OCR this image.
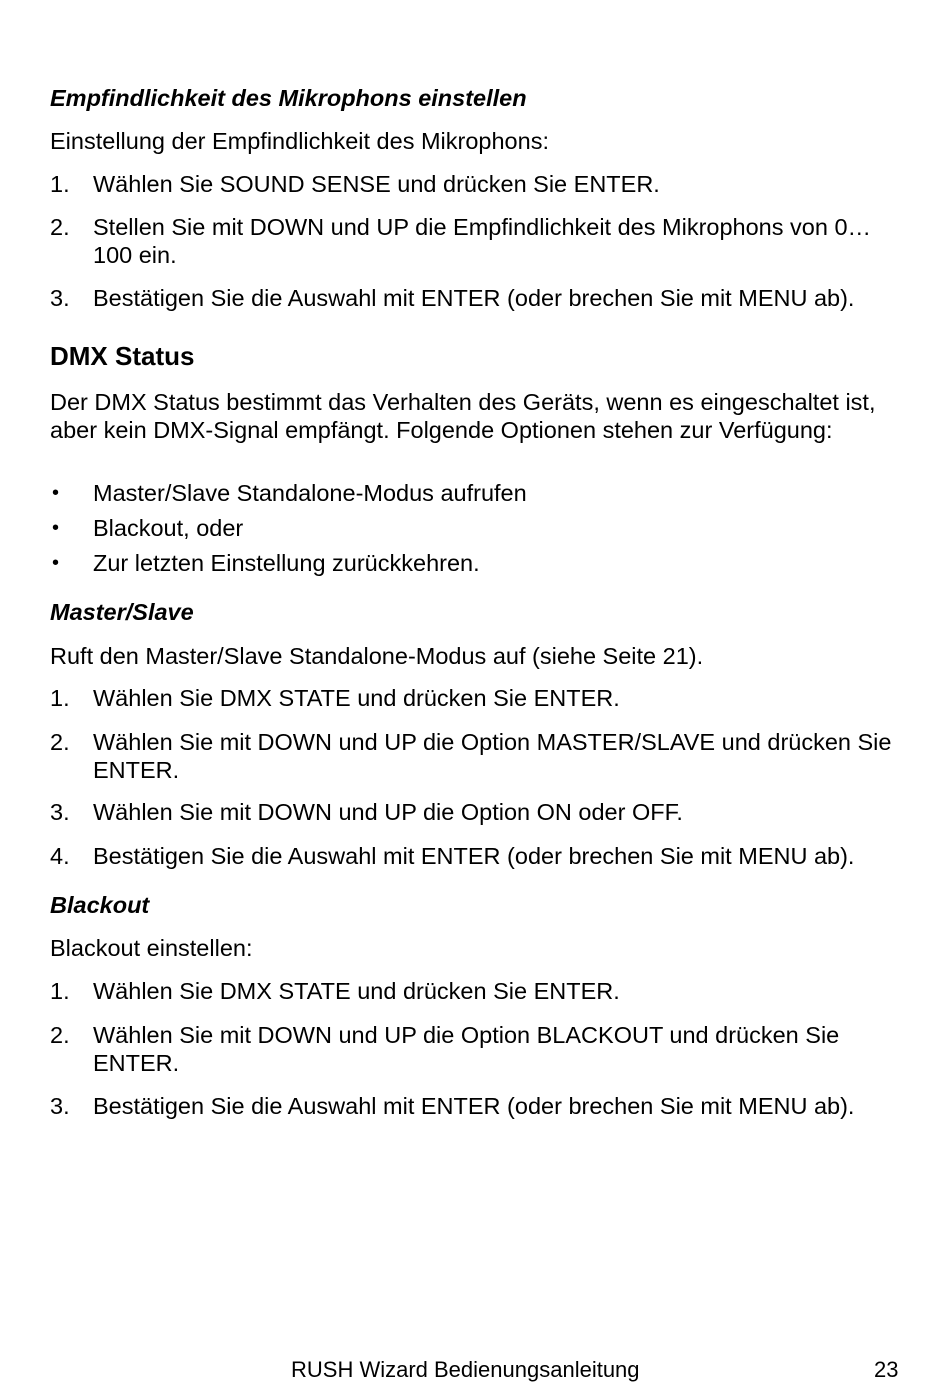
Empfindlichkeit des Mikrophons einstellen
Einstellung der Empfindlichkeit des Mikrophons:
1. Wählen Sie SOUND SENSE und drücken Sie ENTER.
2. Stellen Sie mit DOWN und UP die Empfindlichkeit des Mikrophons von 0…100 ein.
3. Bestätigen Sie die Auswahl mit ENTER (oder brechen Sie mit MENU ab).
DMX Status
Der DMX Status bestimmt das Verhalten des Geräts, wenn es eingeschaltet ist, aber kein DMX-Signal empfängt. Folgende Optionen stehen zur Verfügung:
• Master/Slave Standalone-Modus aufrufen
• Blackout, oder
• Zur letzten Einstellung zurückkehren.
Master/Slave
Ruft den Master/Slave Standalone-Modus auf (siehe Seite 21).
1. Wählen Sie DMX STATE und drücken Sie ENTER.
2. Wählen Sie mit DOWN und UP die Option MASTER/SLAVE und drücken Sie ENTER.
3. Wählen Sie mit DOWN und UP die Option ON oder OFF.
4. Bestätigen Sie die Auswahl mit ENTER (oder brechen Sie mit MENU ab).
Blackout
Blackout einstellen:
1. Wählen Sie DMX STATE und drücken Sie ENTER.
2. Wählen Sie mit DOWN und UP die Option BLACKOUT und drücken Sie ENTER.
3. Bestätigen Sie die Auswahl mit ENTER (oder brechen Sie mit MENU ab).
RUSH Wizard Bedienungsanleitung	23
